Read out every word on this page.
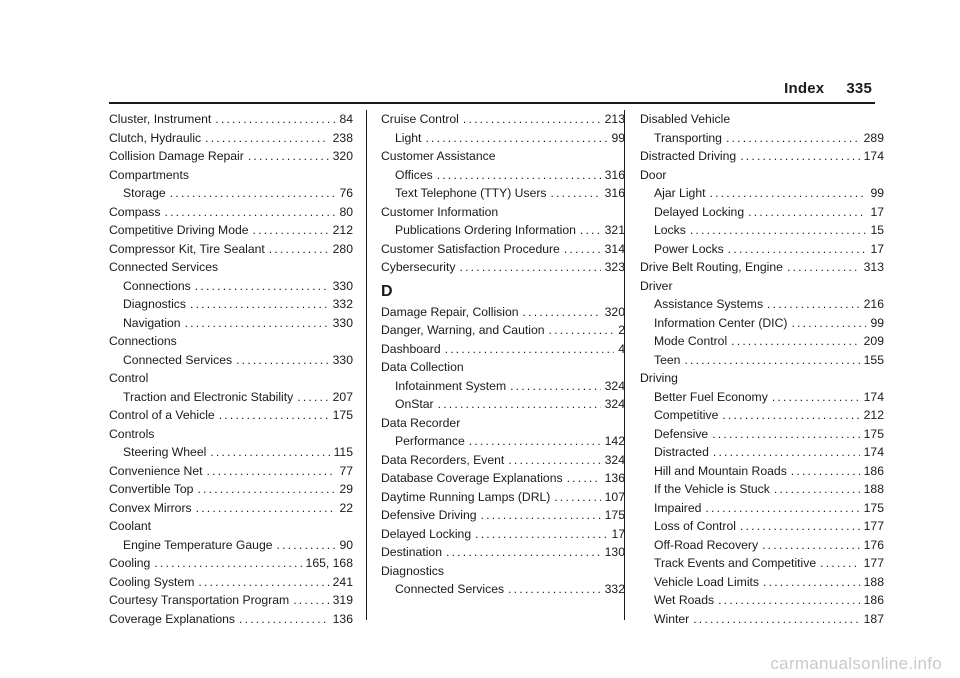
Index 335
Cluster, Instrument .....	84
Clutch, Hydraulic .....	238
Collision Damage Repair .....	320
Compartments
Storage .....	76
Compass .....	80
Competitive Driving Mode .....	212
Compressor Kit, Tire Sealant .....	280
Connected Services
Connections .....	330
Diagnostics .....	332
Navigation .....	330
Connections
Connected Services .....	330
Control
Traction and Electronic Stability .....	207
Control of a Vehicle .....	175
Controls
Steering Wheel .....	115
Convenience Net .....	77
Convertible Top .....	29
Convex Mirrors .....	22
Coolant
Engine Temperature Gauge .....	90
Cooling .....	165, 168
Cooling System .....	241
Courtesy Transportation Program .....	319
Coverage Explanations .....	136
Cruise Control .....	213
Light .....	99
Customer Assistance
Offices .....	316
Text Telephone (TTY) Users .....	316
Customer Information
Publications Ordering Information ..... 321
Customer Satisfaction Procedure .....	314
Cybersecurity .....	323
D
Damage Repair, Collision .....	320
Danger, Warning, and Caution .....	2
Dashboard .....	4
Data Collection
Infotainment System .....	324
OnStar .....	324
Data Recorder
Performance .....	142
Data Recorders, Event .....	324
Database Coverage Explanations .....	136
Daytime Running Lamps (DRL) .....	107
Defensive Driving .....	175
Delayed Locking .....	17
Destination .....	130
Diagnostics
Connected Services .....	332
Disabled Vehicle
Transporting .....	289
Distracted Driving .....	174
Door
Ajar Light .....	99
Delayed Locking .....	17
Locks .....	15
Power Locks .....	17
Drive Belt Routing, Engine .....	313
Driver
Assistance Systems .....	216
Information Center (DIC) .....	99
Mode Control .....	209
Teen .....	155
Driving
Better Fuel Economy .....	174
Competitive .....	212
Defensive .....	175
Distracted .....	174
Hill and Mountain Roads .....	186
If the Vehicle is Stuck .....	188
Impaired .....	175
Loss of Control .....	177
Off-Road Recovery .....	176
Track Events and Competitive .....	177
Vehicle Load Limits .....	188
Wet Roads .....	186
Winter .....	187
carmanualsonline.info
